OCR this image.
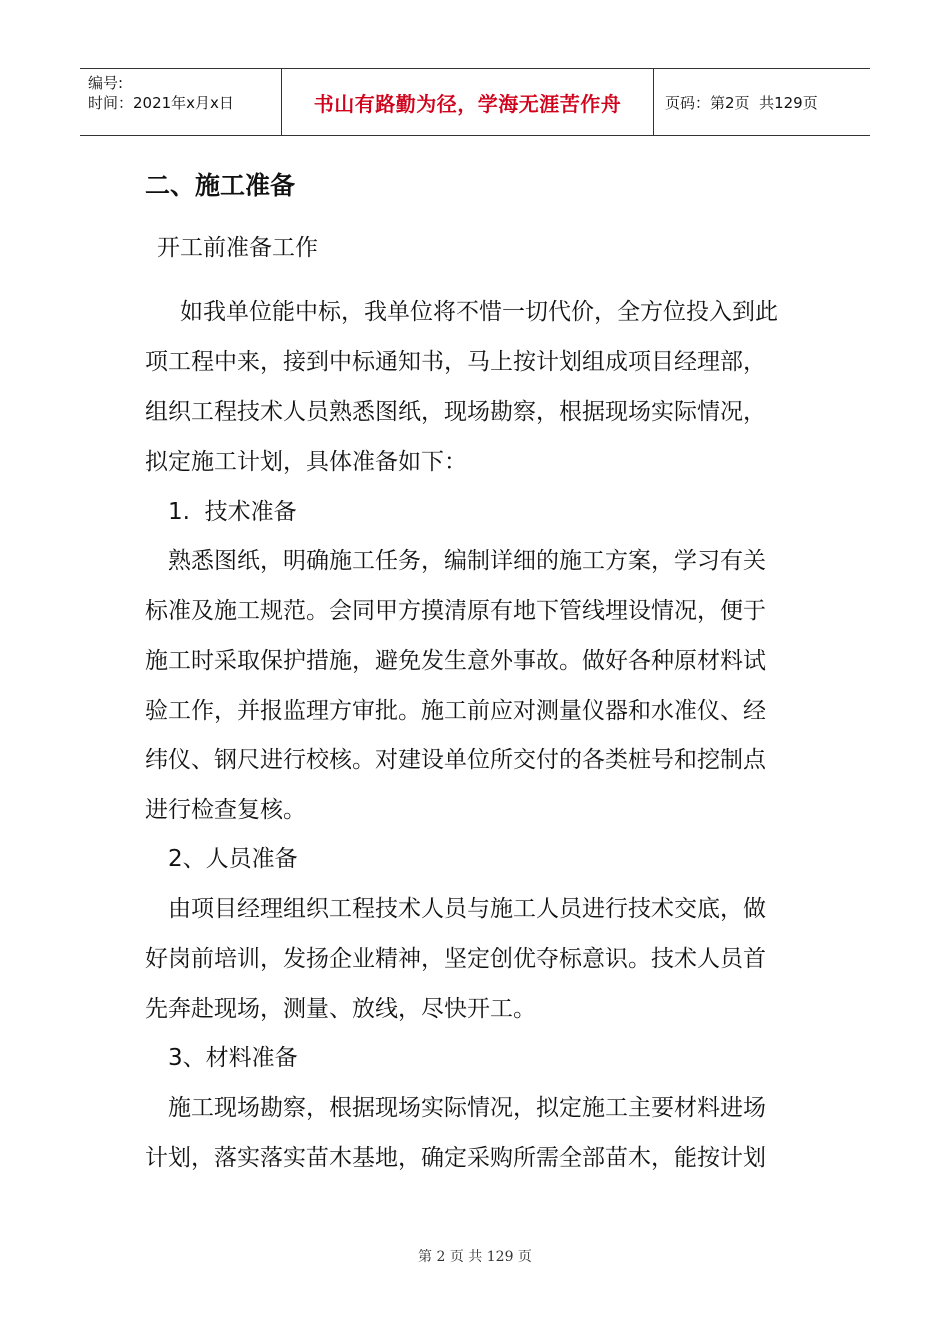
编号:
时间：2021年x月x日	书山有路勤为径，学海无涯苦作舟	页码：第2页  共129页
二、施工准备
开工前准备工作
如我单位能中标，我单位将不惜一切代价，全方位投入到此
项工程中来，接到中标通知书，马上按计划组成项目经理部，
组织工程技术人员熟悉图纸，现场勘察，根据现场实际情况，
拟定施工计划，具体准备如下：
1.  技术准备
熟悉图纸，明确施工任务，编制详细的施工方案，学习有关
标准及施工规范。会同甲方摸清原有地下管线埋设情况，便于
施工时采取保护措施，避免发生意外事故。做好各种原材料试
验工作，并报监理方审批。施工前应对测量仪器和水准仪、经
纬仪、钢尺进行校核。对建设单位所交付的各类桩号和挖制点
进行检查复核。
2、人员准备
由项目经理组织工程技术人员与施工人员进行技术交底，做
好岗前培训，发扬企业精神，坚定创优夺标意识。技术人员首
先奔赴现场，测量、放线，尽快开工。
3、材料准备
施工现场勘察，根据现场实际情况，拟定施工主要材料进场
计划，落实落实苗木基地，确定采购所需全部苗木，能按计划
第 2 页 共 129 页
